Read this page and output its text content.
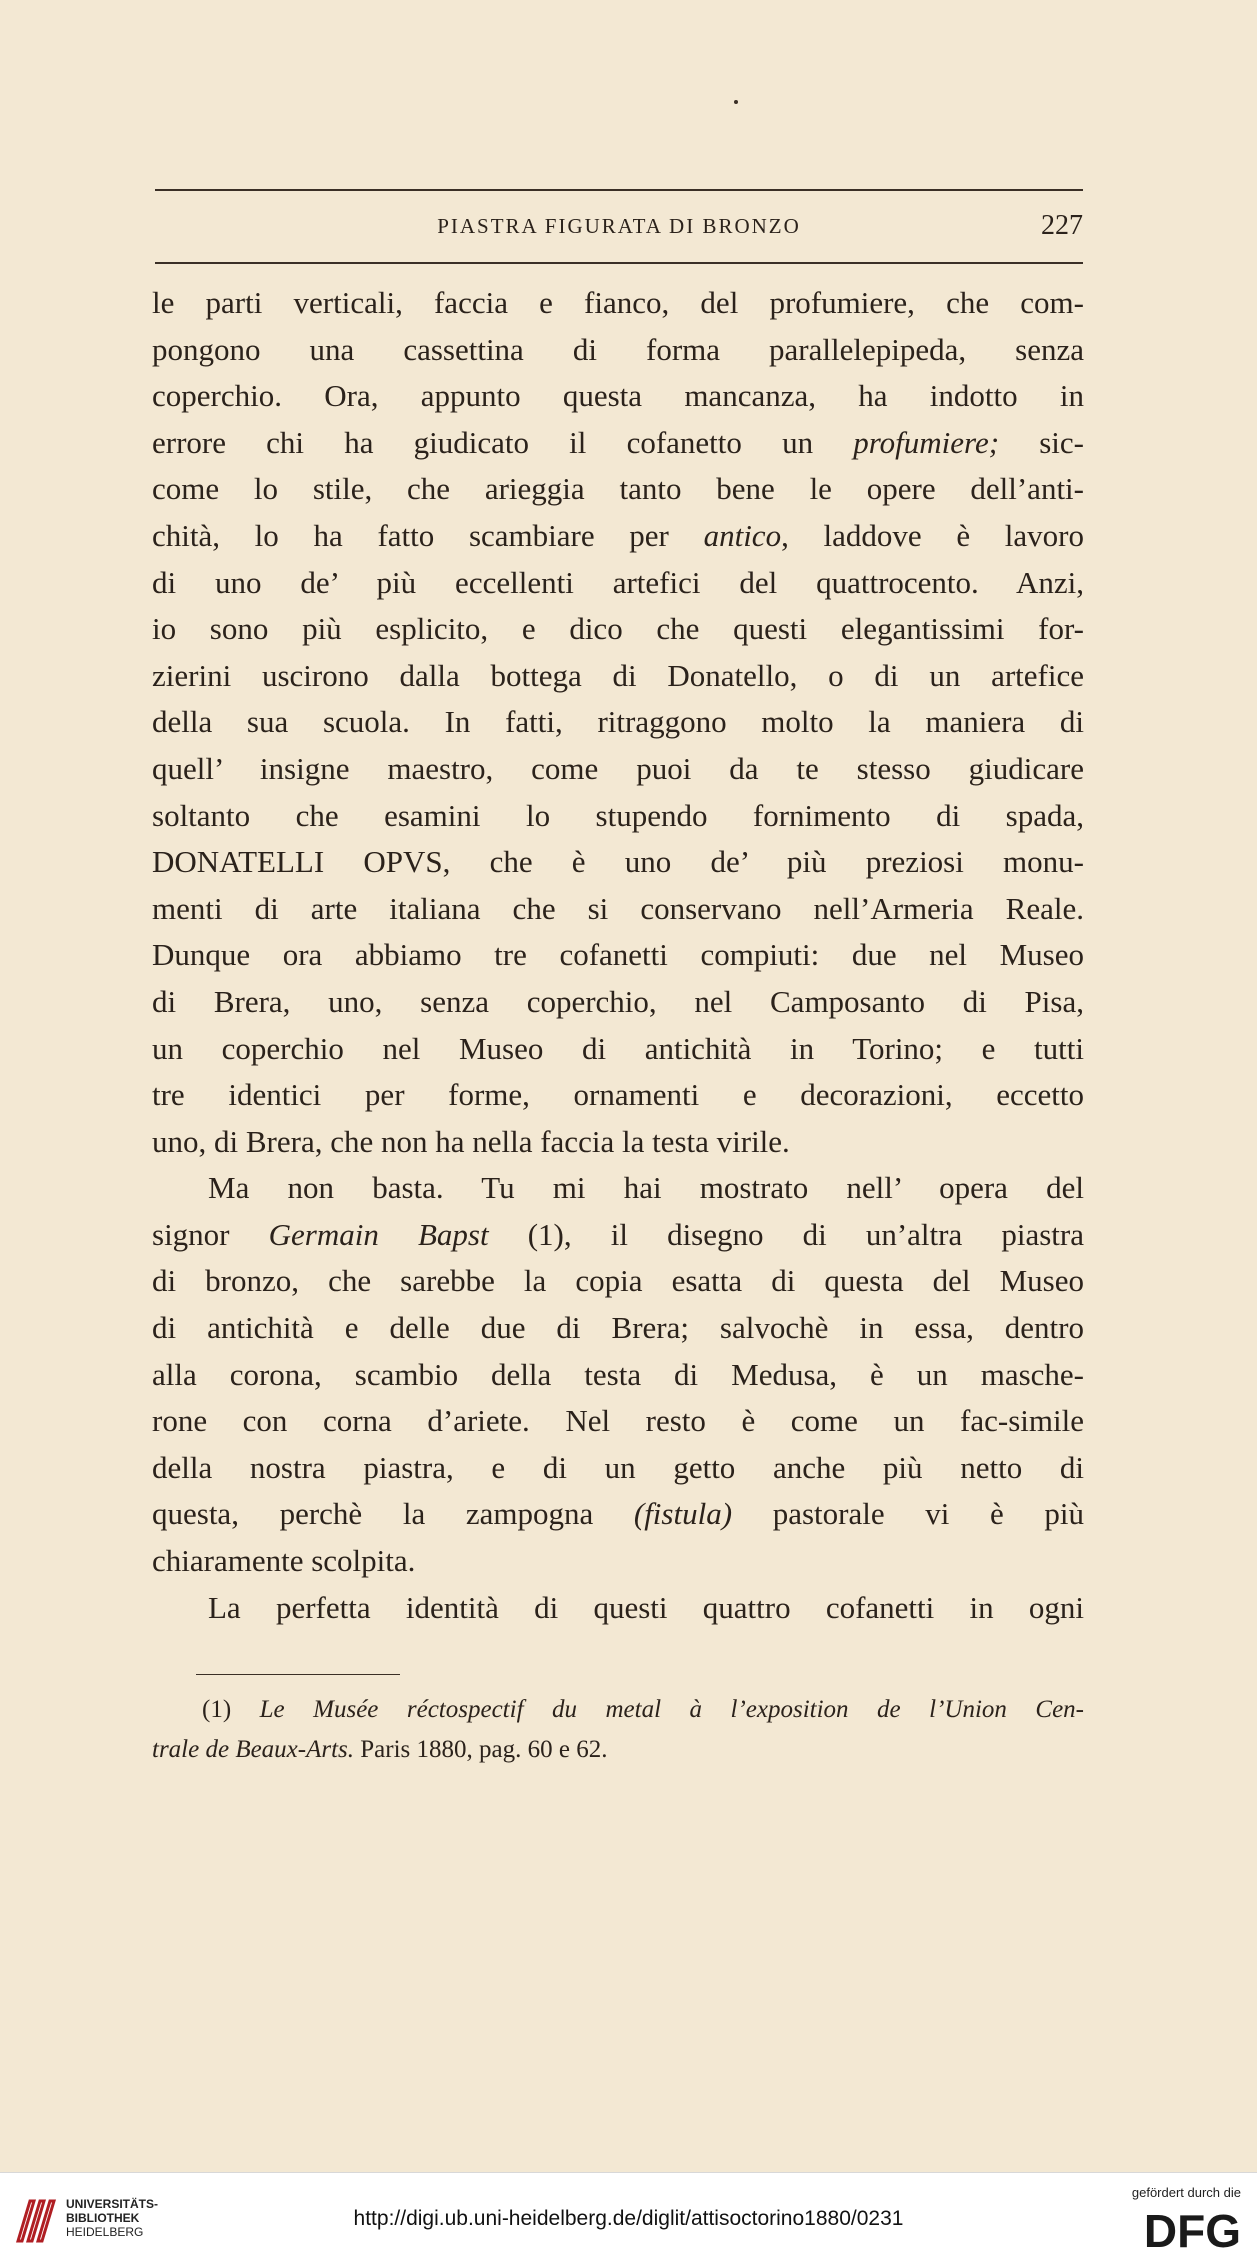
PIASTRA FIGURATA DI BRONZO	227
le parti verticali, faccia e fianco, del profumiere, che com-
pongono una cassettina di forma parallelepipeda, senza
coperchio. Ora, appunto questa mancanza, ha indotto in
errore chi ha giudicato il cofanetto un profumiere; sic-
come lo stile, che arieggia tanto bene le opere dell’anti-
chità, lo ha fatto scambiare per antico, laddove è lavoro
di uno de’ più eccellenti artefici del quattrocento. Anzi,
io sono più esplicito, e dico che questi elegantissimi for-
zierini uscirono dalla bottega di Donatello, o di un artefice
della sua scuola. In fatti, ritraggono molto la maniera di
quell’ insigne maestro, come puoi da te stesso giudicare
soltanto che esamini lo stupendo fornimento di spada,
DONATELLI OPVS, che è uno de’ più preziosi monu-
menti di arte italiana che si conservano nell’Armeria Reale.
Dunque ora abbiamo tre cofanetti compiuti: due nel Museo
di Brera, uno, senza coperchio, nel Camposanto di Pisa,
un coperchio nel Museo di antichità in Torino; e tutti
tre identici per forme, ornamenti e decorazioni, eccetto
uno, di Brera, che non ha nella faccia la testa virile.
Ma non basta. Tu mi hai mostrato nell’ opera del
signor Germain Bapst (1), il disegno di un’altra piastra
di bronzo, che sarebbe la copia esatta di questa del Museo
di antichità e delle due di Brera; salvochè in essa, dentro
alla corona, scambio della testa di Medusa, è un masche-
rone con corna d’ariete. Nel resto è come un fac-simile
della nostra piastra, e di un getto anche più netto di
questa, perchè la zampogna (fistula) pastorale vi è più
chiaramente scolpita.
La perfetta identità di questi quattro cofanetti in ogni
(1) Le Musée réctospectif du metal à l’exposition de l’Union Cen-
trale de Beaux-Arts. Paris 1880, pag. 60 e 62.
UNIVERSITÄTS-
BIBLIOTHEK
HEIDELBERG
http://digi.ub.uni-heidelberg.de/diglit/attisoctorino1880/0231
gefördert durch die
DFG
